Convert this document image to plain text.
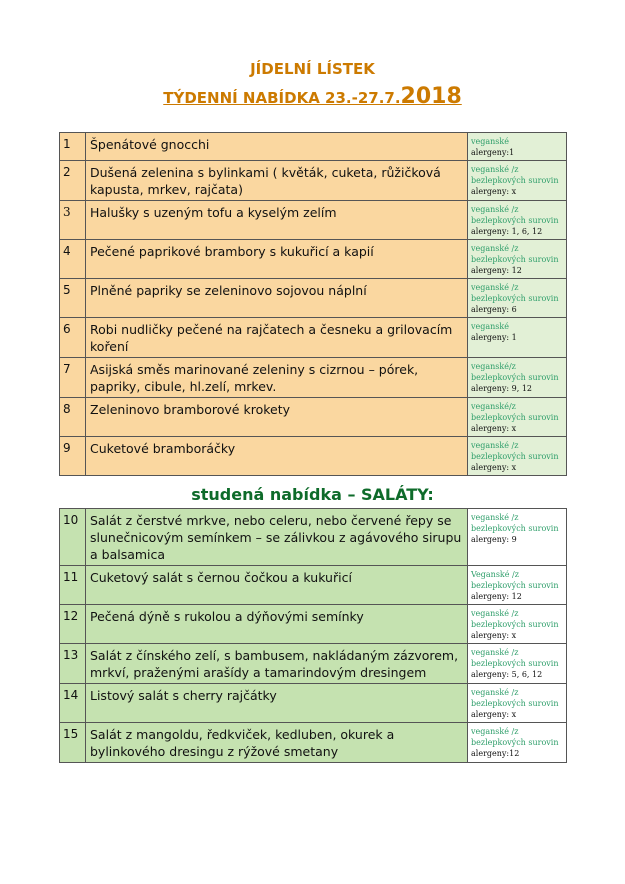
JÍDELNÍ LÍSTEK
TÝDENNÍ NABÍDKA 23.-27.7.2018
1	Špenátové gnocchi	veganské
alergeny:1

2	Dušená zelenina s bylinkami ( květák, cuketa, růžičková kapusta, mrkev, rajčata)	veganské /z bezlepkových surovin
alergeny: x

3	Halušky s uzeným tofu a kyselým zelím	veganské /z bezlepkových surovin
alergeny: 1, 6, 12

4	Pečené paprikové brambory s kukuřicí a kapií	veganské /z bezlepkových surovin
alergeny: 12

5	Plněné papriky se zeleninovo sojovou náplní	veganské /z bezlepkových surovin
alergeny: 6

6	Robi nudličky pečené na rajčatech a česneku a grilovacím koření	veganské
alergeny: 1

7	Asijská směs marinované zeleniny s cizrnou – pórek, papriky, cibule, hl.zelí, mrkev.	veganské/z bezlepkových surovin
alergeny: 9, 12

8	Zeleninovo bramborové krokety	veganské/z bezlepkových surovin
alergeny: x

9	Cuketové bramboráčky	veganské /z bezlepkových surovin
alergeny: x
studená nabídka – SALÁTY:
10	Salát z čerstvé mrkve, nebo celeru, nebo červené řepy se slunečnicovým semínkem – se zálivkou z agávového sirupu a balsamica	veganské /z bezlepkových surovin
alergeny: 9

11	Cuketový salát s černou čočkou a kukuřicí	Veganské /z bezlepkových surovin
alergeny: 12

12	Pečená dýně s rukolou a dýňovými semínky	veganské /z bezlepkových surovin
alergeny: x

13	Salát z čínského zelí, s bambusem, nakládaným zázvorem, mrkví, praženými arašídy a tamarindovým dresingem	veganské /z bezlepkových surovin
alergeny: 5, 6, 12

14	Listový salát s cherry rajčátky	veganské /z bezlepkových surovin
alergeny: x

15	Salát z mangoldu, ředkviček, kedluben, okurek a bylinkového dresingu z rýžové smetany	veganské /z bezlepkových surovin
alergeny:12
